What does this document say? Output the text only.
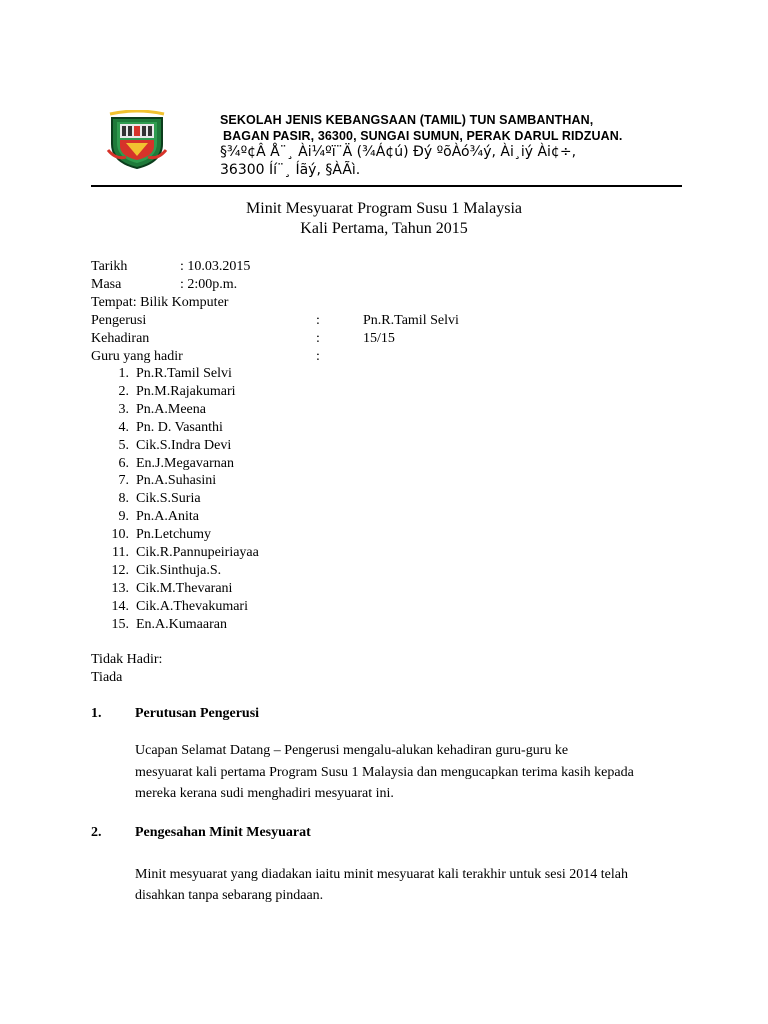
SEKOLAH JENIS KEBANGSAAN (TAMIL) TUN SAMBANTHAN,
BAGAN PASIR, 36300, SUNGAI SUMUN, PERAK DARUL RIDZUAN.
§¾º¢Â Å¨¸ Ài¼ºï¨Ä (¾Á¢ú) Ðý ºõÀó¾ý, Ài¸iý Ài¢÷,
36300 Íí¨¸ Íãý, §ÀÃì.
Minit Mesyuarat Program Susu 1 Malaysia
Kali Pertama, Tahun 2015
Tarikh	: 10.03.2015
Masa	: 2:00p.m.
Tempat: Bilik Komputer
Pengerusi	:	Pn.R.Tamil Selvi
Kehadiran	:	15/15
Guru yang hadir	:
1. Pn.R.Tamil Selvi
2. Pn.M.Rajakumari
3. Pn.A.Meena
4. Pn. D. Vasanthi
5. Cik.S.Indra Devi
6. En.J.Megavarnan
7. Pn.A.Suhasini
8. Cik.S.Suria
9. Pn.A.Anita
10. Pn.Letchumy
11. Cik.R.Pannupeiriayaa
12. Cik.Sinthuja.S.
13. Cik.M.Thevarani
14. Cik.A.Thevakumari
15. En.A.Kumaaran
Tidak Hadir:
Tiada
1. Perutusan Pengerusi
Ucapan Selamat Datang – Pengerusi mengalu-alukan kehadiran guru-guru ke
mesyuarat kali pertama Program Susu 1 Malaysia dan mengucapkan terima kasih kepada
mereka kerana sudi menghadiri mesyuarat ini.
2. Pengesahan Minit Mesyuarat
Minit mesyuarat yang diadakan iaitu minit mesyuarat kali terakhir untuk sesi 2014 telah
disahkan tanpa sebarang pindaan.
